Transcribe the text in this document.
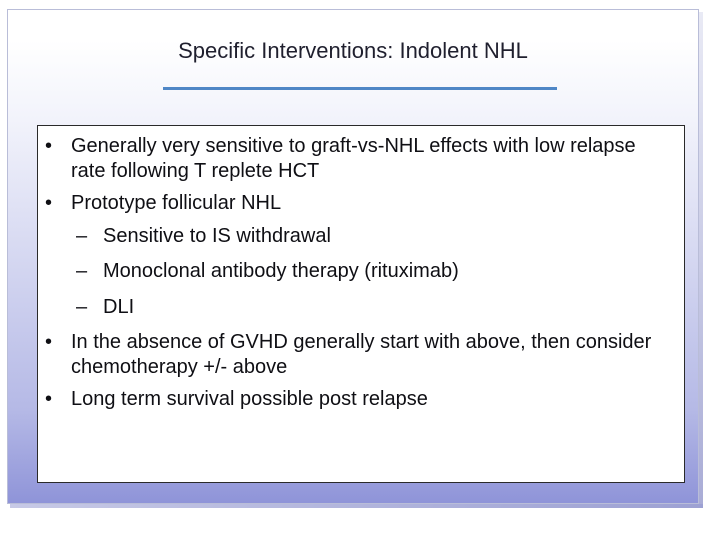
Specific Interventions: Indolent NHL
• Generally very sensitive to graft-vs-NHL effects with low relapse rate following T replete HCT
• Prototype follicular NHL
– Sensitive to IS withdrawal
– Monoclonal antibody therapy (rituximab)
– DLI
• In the absence of GVHD generally start with above, then consider chemotherapy +/- above
• Long term survival possible post relapse
